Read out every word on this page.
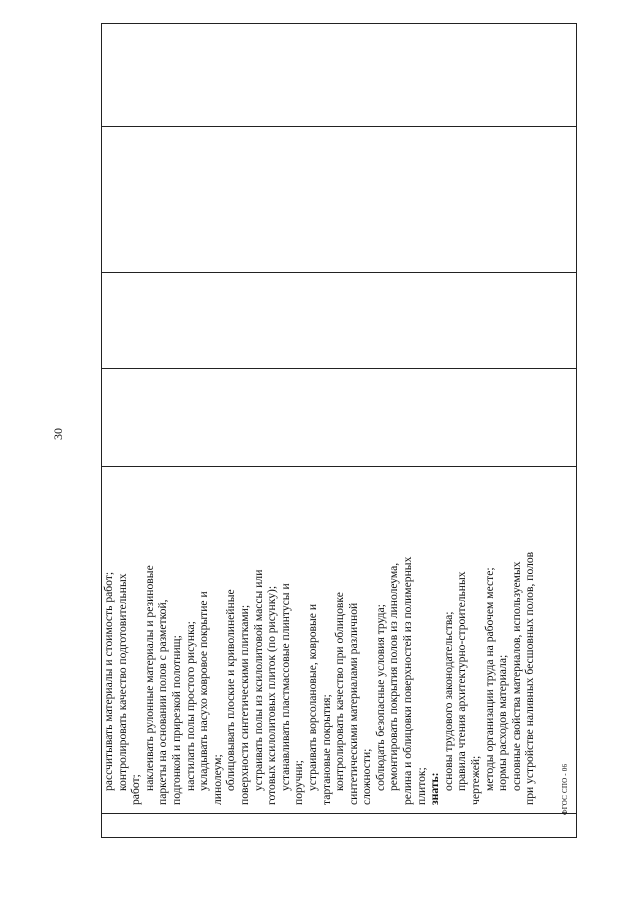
30
рассчитывать материалы и стоимость работ; контролировать качество подготовительных работ; наклеивать рулонные материалы и резиновые паркеты на основании полов с разметкой, подгонкой и прирезкой полотнищ; настилать полы простого рисунка; укладывать насухо ковровое покрытие и линолеум; облицовывать плоские и криволинейные поверхности синтетическими плитками; устраивать полы из ксилолитовой массы или готовых ксилолитовых плиток (по рисунку); устанавливать пластмассовые плинтусы и поручни; устраивать ворсолановые, ковровые и тартановые покрытия; контролировать качество при облицовке синтетическими материалами различной сложности; соблюдать безопасные условия труда; ремонтировать покрытия полов из линолеума, релина и облицовки поверхностей из полимерных плиток; знать: основы трудового законодательства; правила чтения архитектурно-строительных чертежей; методы организации труда на рабочем месте; нормы расходов материала; основные свойства материалов, используемых при устройстве наливных бесшовных полов, полов	ФГОС СПО - 06
